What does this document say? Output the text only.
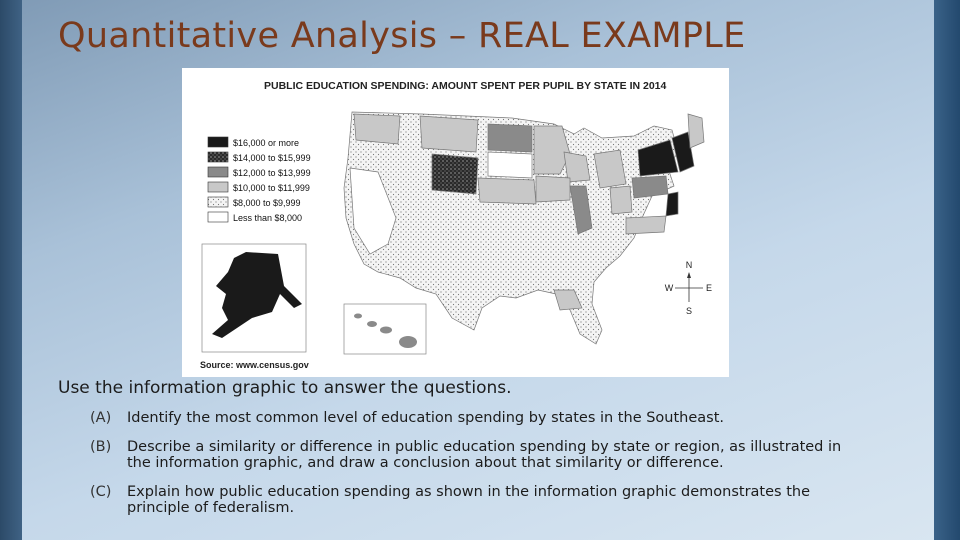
Quantitative Analysis – REAL EXAMPLE
PUBLIC EDUCATION SPENDING: AMOUNT SPENT PER PUPIL BY STATE IN 2014
$16,000 or more
$14,000 to $15,999
$12,000 to $13,999
$10,000 to $11,999
$8,000 to $9,999
Less than $8,000
N
S
W	E
Source: www.census.gov

Use the information graphic to answer the questions.

(A)	Identify the most common level of education spending by states in the Southeast.
(B)	Describe a similarity or difference in public education spending by state or region, as illustrated in the information graphic, and draw a conclusion about that similarity or difference.
(C)	Explain how public education spending as shown in the information graphic demonstrates the principle of federalism.
